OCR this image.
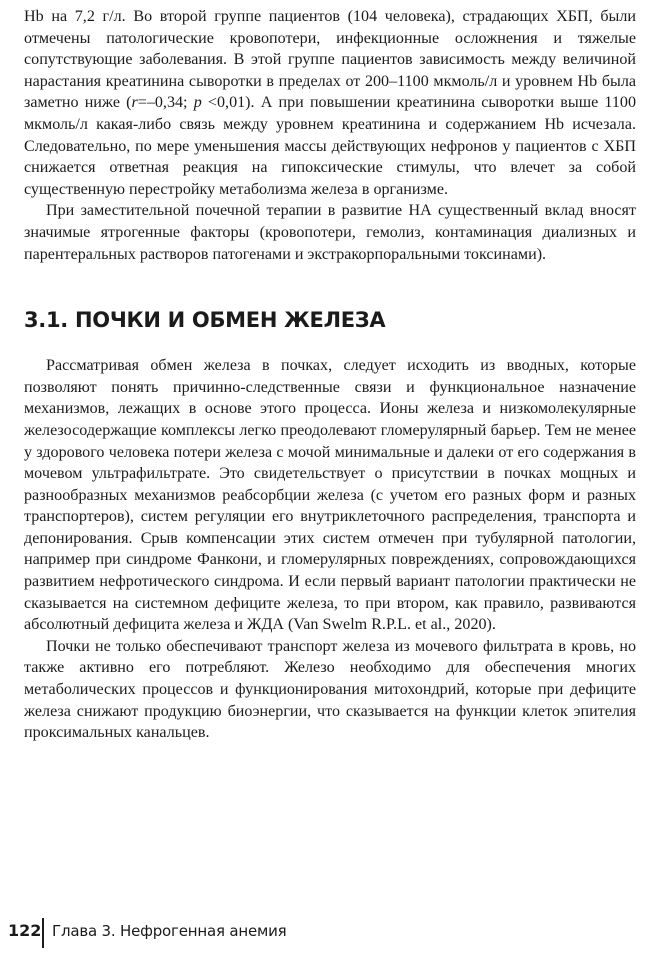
Hb на 7,2 г/л. Во второй группе пациентов (104 человека), страдающих ХБП, были отмечены патологические кровопотери, инфекционные осложнения и тяжелые сопутствующие заболевания. В этой группе пациентов зависимость между величиной нарастания креатинина сыворотки в пределах от 200–1100 мкмоль/л и уровнем Hb была заметно ниже (r=–0,34; p <0,01). А при повышении креатинина сыворотки выше 1100 мкмоль/л какая-либо связь между уровнем креатинина и содержанием Hb исчезала. Следовательно, по мере уменьшения массы действующих нефронов у пациентов с ХБП снижается ответная реакция на гипоксические стимулы, что влечет за собой существенную перестройку метаболизма железа в организме.

При заместительной почечной терапии в развитие НА существенный вклад вносят значимые ятрогенные факторы (кровопотери, гемолиз, контаминация диализных и парентеральных растворов патогенами и экстракорпоральными токсинами).

3.1. ПОЧКИ И ОБМЕН ЖЕЛЕЗА

Рассматривая обмен железа в почках, следует исходить из вводных, которые позволяют понять причинно-следственные связи и функциональное назначение механизмов, лежащих в основе этого процесса. Ионы железа и низкомолекулярные железосодержащие комплексы легко преодолевают гломерулярный барьер. Тем не менее у здорового человека потери железа с мочой минимальные и далеки от его содержания в мочевом ультрафильтрате. Это свидетельствует о присутствии в почках мощных и разнообразных механизмов реабсорбции железа (с учетом его разных форм и разных транспортеров), систем регуляции его внутриклеточного распределения, транспорта и депонирования. Срыв компенсации этих систем отмечен при тубулярной патологии, например при синдроме Фанкони, и гломерулярных повреждениях, сопровождающихся развитием нефротического синдрома. И если первый вариант патологии практически не сказывается на системном дефиците железа, то при втором, как правило, развиваются абсолютный дефицита железа и ЖДА (Van Swelm R.P.L. et al., 2020).

Почки не только обеспечивают транспорт железа из мочевого фильтрата в кровь, но также активно его потребляют. Железо необходимо для обеспечения многих метаболических процессов и функционирования митохондрий, которые при дефиците железа снижают продукцию биоэнергии, что сказывается на функции клеток эпителия проксимальных канальцев.

122 Глава 3. Нефрогенная анемия
